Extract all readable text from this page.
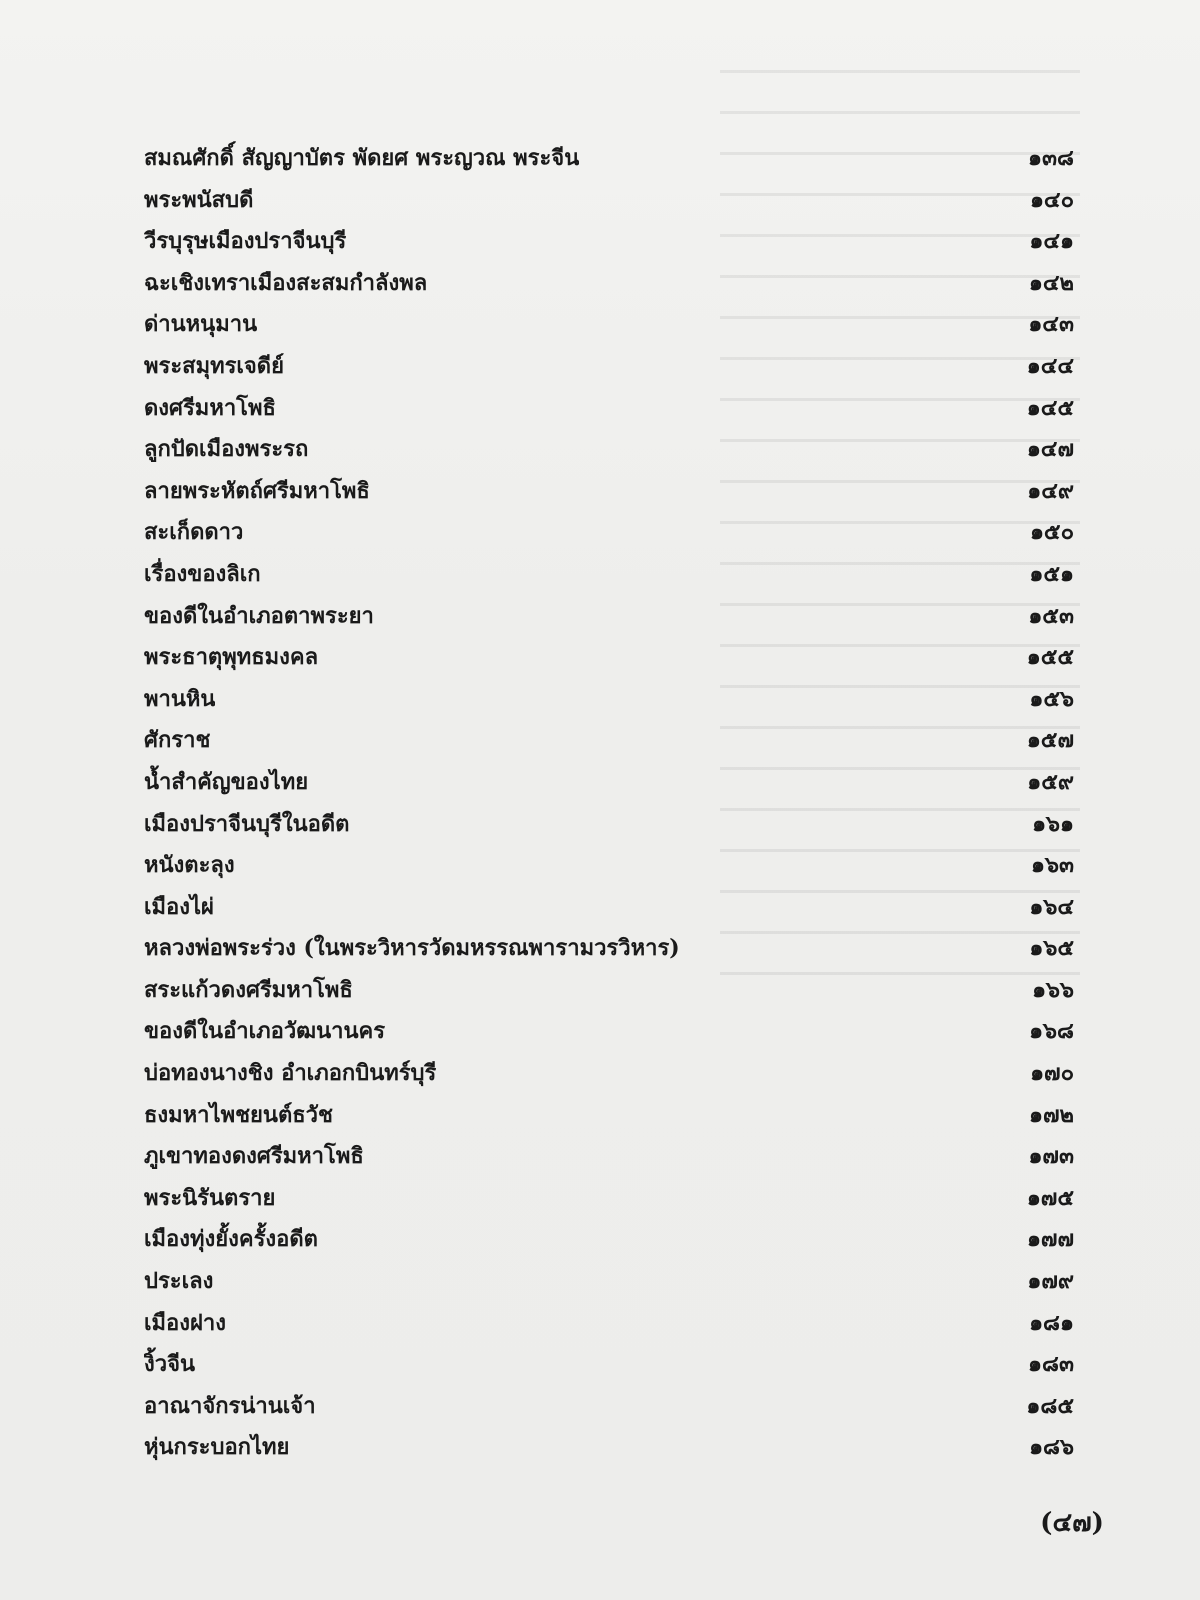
สมณศักดิ์ สัญญาบัตร พัดยศ พระญวณ พระจีน	๑๓๘
พระพนัสบดี	๑๔๐
วีรบุรุษเมืองปราจีนบุรี	๑๔๑
ฉะเชิงเทราเมืองสะสมกำลังพล	๑๔๒
ด่านหนุมาน	๑๔๓
พระสมุทรเจดีย์	๑๔๔
ดงศรีมหาโพธิ	๑๔๕
ลูกปัดเมืองพระรถ	๑๔๗
ลายพระหัตถ์ศรีมหาโพธิ	๑๔๙
สะเก็ดดาว	๑๕๐
เรื่องของลิเก	๑๕๑
ของดีในอำเภอตาพระยา	๑๕๓
พระธาตุพุทธมงคล	๑๕๕
พานหิน	๑๕๖
ศักราช	๑๕๗
น้ำสำคัญของไทย	๑๕๙
เมืองปราจีนบุรีในอดีต	๑๖๑
หนังตะลุง	๑๖๓
เมืองไผ่	๑๖๔
หลวงพ่อพระร่วง (ในพระวิหารวัดมหรรณพารามวรวิหาร)	๑๖๕
สระแก้วดงศรีมหาโพธิ	๑๖๖
ของดีในอำเภอวัฒนานคร	๑๖๘
บ่อทองนางชิง อำเภอกบินทร์บุรี	๑๗๐
ธงมหาไพชยนต์ธวัช	๑๗๒
ภูเขาทองดงศรีมหาโพธิ	๑๗๓
พระนิรันตราย	๑๗๕
เมืองทุ่งยั้งครั้งอดีต	๑๗๗
ประเลง	๑๗๙
เมืองฝาง	๑๘๑
งิ้วจีน	๑๘๓
อาณาจักรน่านเจ้า	๑๘๕
หุ่นกระบอกไทย	๑๘๖
(๔๗)
